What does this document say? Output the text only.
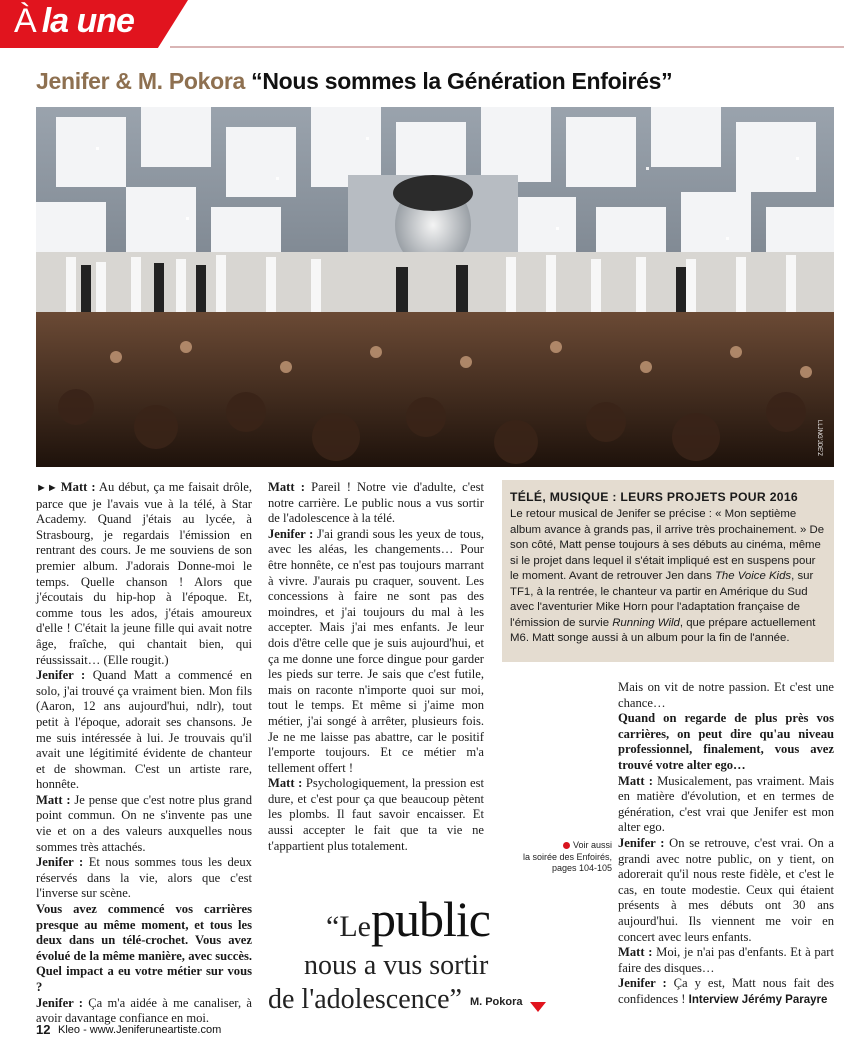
À la une
Jenifer & M. Pokora “Nous sommes la Génération Enfoirés”
LLJNG'JDE'Z

►► Matt : Au début, ça me faisait drôle, parce que je l'avais vue à la télé, à Star Academy. Quand j'étais au lycée, à Strasbourg, je regardais l'émission en rentrant des cours. Je me souviens de son premier album. J'adorais Donne-moi le temps. Quelle chanson ! Alors que j'écoutais du hip-hop à l'époque. Et, comme tous les ados, j'étais amoureux d'elle ! C'était la jeune fille qui avait notre âge, fraîche, qui chantait bien, qui réussissait… (Elle rougit.)

Jenifer : Quand Matt a commencé en solo, j'ai trouvé ça vraiment bien. Mon fils (Aaron, 12 ans aujourd'hui, ndlr), tout petit à l'époque, adorait ses chansons. Je me suis intéressée à lui. Je trouvais qu'il avait une légitimité évidente de chanteur et de showman. C'est un artiste rare, honnête.

Matt : Je pense que c'est notre plus grand point commun. On ne s'invente pas une vie et on a des valeurs auxquelles nous sommes très attachés.

Jenifer : Et nous sommes tous les deux réservés dans la vie, alors que c'est l'inverse sur scène.

Vous avez commencé vos carrières presque au même moment, et tous les deux dans un télé-crochet. Vous avez évolué de la même manière, avec succès. Quel impact a eu votre métier sur vous ?

Jenifer : Ça m'a aidée à me canaliser, à avoir davantage confiance en moi.

Matt : Pareil ! Notre vie d'adulte, c'est notre carrière. Le public nous a vus sortir de l'adolescence à la télé.

Jenifer : J'ai grandi sous les yeux de tous, avec les aléas, les changements… Pour être honnête, ce n'est pas toujours marrant à vivre. J'aurais pu craquer, souvent. Les concessions à faire ne sont pas des moindres, et j'ai toujours du mal à les accepter. Mais j'ai mes enfants. Je leur dois d'être celle que je suis aujourd'hui, et ça me donne une force dingue pour garder les pieds sur terre. Je sais que c'est futile, mais on raconte n'importe quoi sur moi, tout le temps. Et même si j'aime mon métier, j'ai songé à arrêter, plusieurs fois. Je ne me laisse pas abattre, car le positif l'emporte toujours. Et ce métier m'a tellement offert !

Matt : Psychologiquement, la pression est dure, et c'est pour ça que beaucoup pètent les plombs. Il faut savoir encaisser. Et aussi accepter le fait que ta vie ne t'appartient plus totalement.

TÉLÉ, MUSIQUE : LEURS PROJETS POUR 2016
Le retour musical de Jenifer se précise : « Mon septième album avance à grands pas, il arrive très prochainement. » De son côté, Matt pense toujours à ses débuts au cinéma, même si le projet dans lequel il s'était impliqué est en suspens pour le moment. Avant de retrouver Jen dans The Voice Kids, sur TF1, à la rentrée, le chanteur va partir en Amérique du Sud avec l'aventurier Mike Horn pour l'adaptation française de l'émission de survie Running Wild, que prépare actuellement M6. Matt songe aussi à un album pour la fin de l'année.

Mais on vit de notre passion. Et c'est une chance…

Quand on regarde de plus près vos carrières, on peut dire qu'au niveau professionnel, finalement, vous avez trouvé votre alter ego…

Matt : Musicalement, pas vraiment. Mais en matière d'évolution, et en termes de génération, c'est vrai que Jenifer est mon alter ego.

Jenifer : On se retrouve, c'est vrai. On a grandi avec notre public, on y tient, on adorerait qu'il nous reste fidèle, et c'est le cas, en toute modestie. Ceux qui étaient présents à mes débuts ont 30 ans aujourd'hui. Ils viennent me voir en concert avec leurs enfants.

Matt : Moi, je n'ai pas d'enfants. Et à part faire des disques…

Jenifer : Ça y est, Matt nous fait des confidences ! Interview Jérémy Parayre

Voir aussi
la soirée des Enfoirés,
pages 104-105
“Lepublic
nous a vus sortir
de l'adolescence” M. Pokora
12 Kleo - www.Jeniferuneartiste.com
